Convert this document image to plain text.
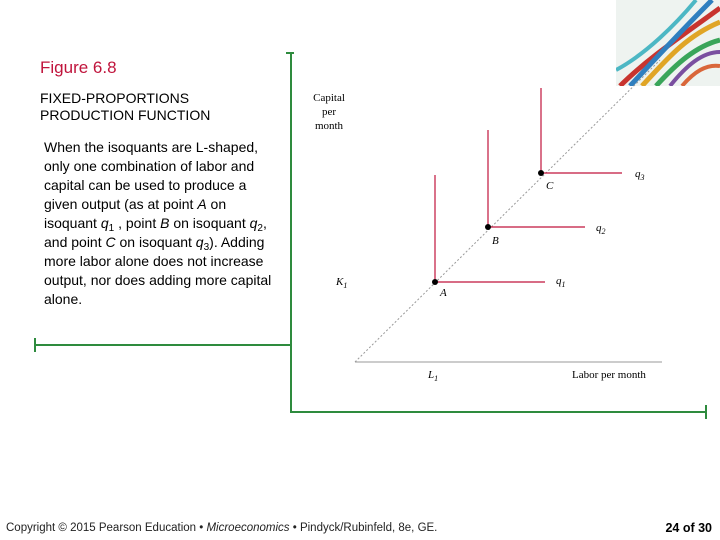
Figure 6.8
FIXED-PROPORTIONS PRODUCTION FUNCTION
When the isoquants are L-shaped, only one combination of labor and capital can be used to produce a given output (as at point A on isoquant $q_1$ , point B on isoquant $q_2$, and point C on isoquant $q_3$). Adding more labor alone does not increase output, nor does adding more capital alone.
Capital
per
month
Labor per month
$K_1$
$L_1$
A
$q_1$
B
$q_2$
C
$q_3$
Copyright © 2015 Pearson Education • Microeconomics • Pindyck/Rubinfeld, 8e, GE.	24 of 30
